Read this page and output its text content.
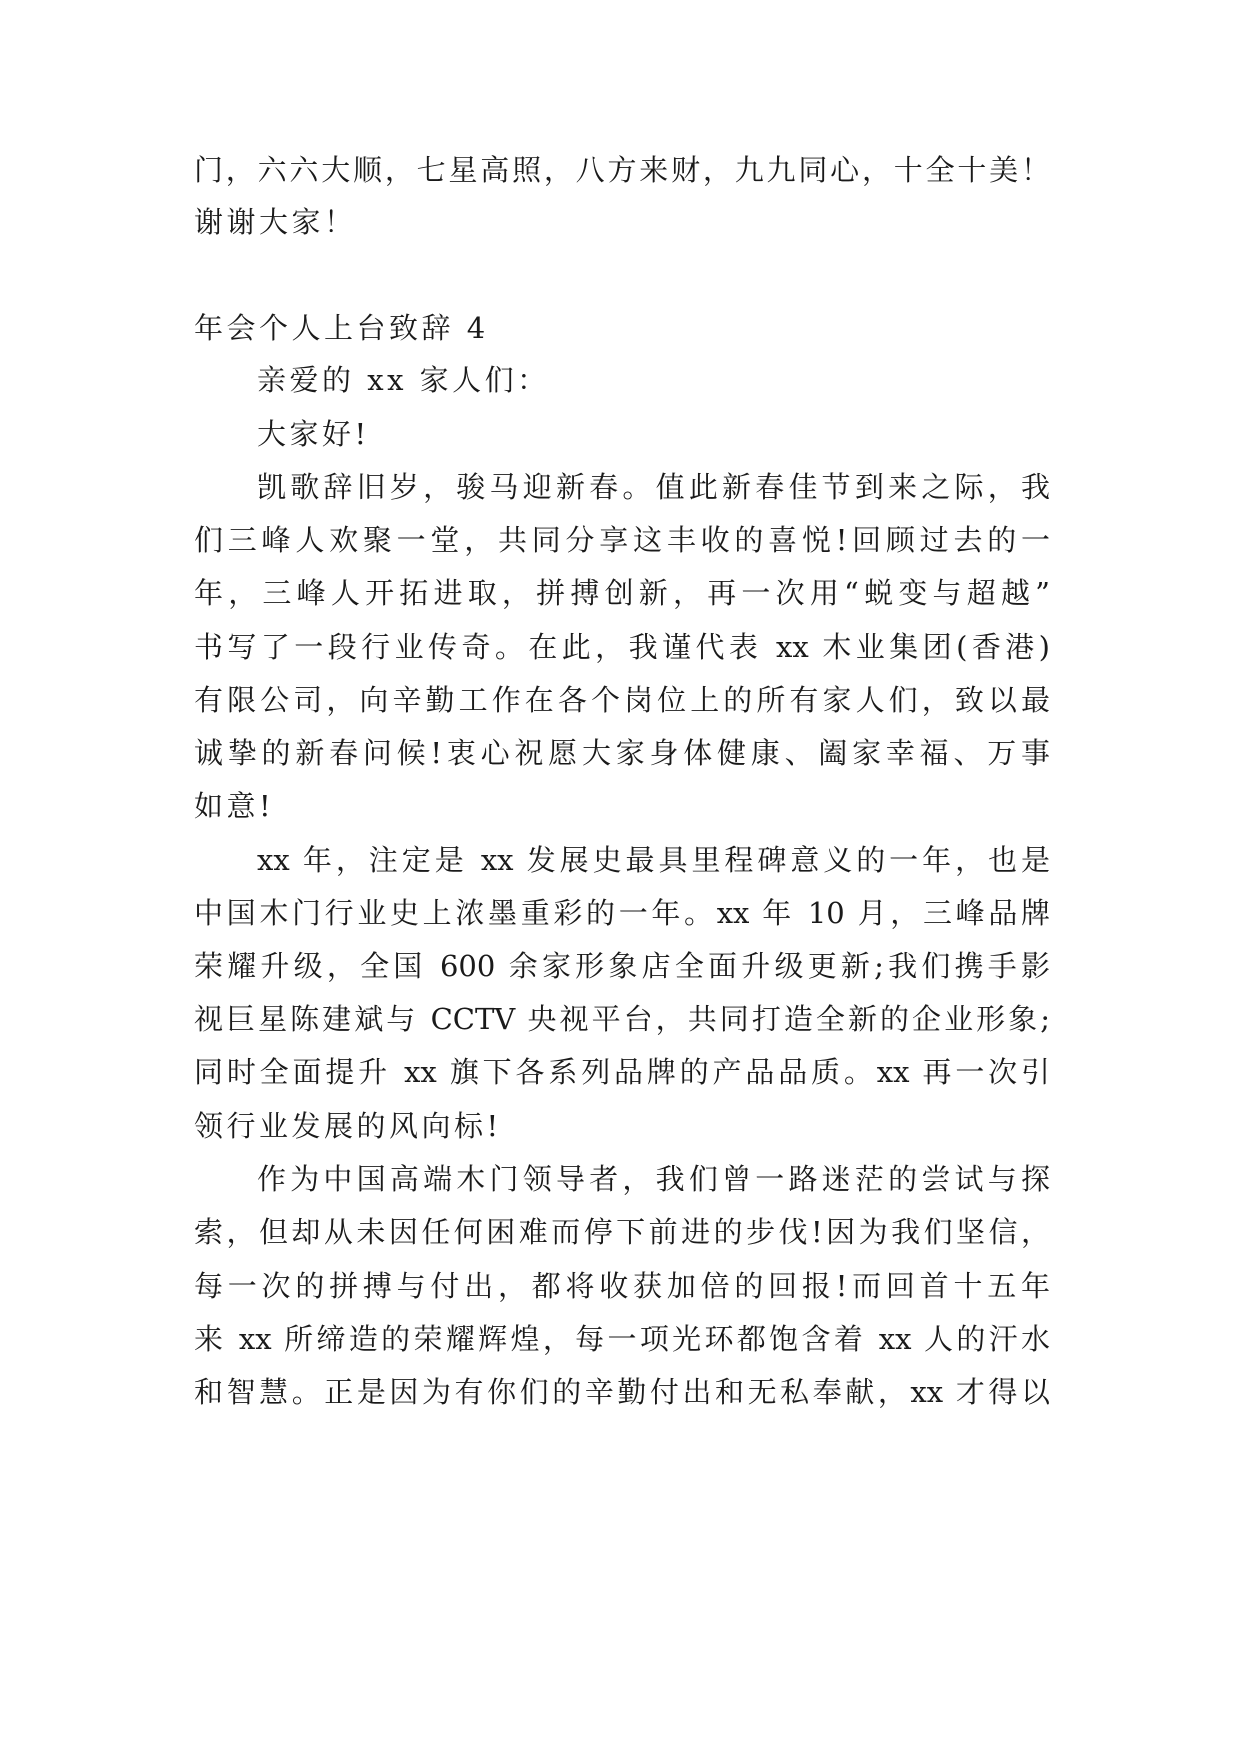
门，六六大顺，七星高照，八方来财，九九同心，十全十美！
谢谢大家！
年会个人上台致辞 4
亲爱的 xx 家人们：
大家好!
凯歌辞旧岁，骏马迎新春。值此新春佳节到来之际，我
们三峰人欢聚一堂，共同分享这丰收的喜悦!回顾过去的一
年，三峰人开拓进取，拼搏创新，再一次用“蜕变与超越”
书写了一段行业传奇。在此，我谨代表 xx 木业集团(香港)
有限公司，向辛勤工作在各个岗位上的所有家人们，致以最
诚挚的新春问候!衷心祝愿大家身体健康、阖家幸福、万事
如意!
xx 年，注定是 xx 发展史最具里程碑意义的一年，也是
中国木门行业史上浓墨重彩的一年。xx 年 10 月，三峰品牌
荣耀升级，全国 600 余家形象店全面升级更新;我们携手影
视巨星陈建斌与 CCTV 央视平台，共同打造全新的企业形象;
同时全面提升 xx 旗下各系列品牌的产品品质。xx 再一次引
领行业发展的风向标!
作为中国高端木门领导者，我们曾一路迷茫的尝试与探
索，但却从未因任何困难而停下前进的步伐!因为我们坚信，
每一次的拼搏与付出，都将收获加倍的回报!而回首十五年
来 xx 所缔造的荣耀辉煌，每一项光环都饱含着 xx 人的汗水
和智慧。正是因为有你们的辛勤付出和无私奉献，xx 才得以
